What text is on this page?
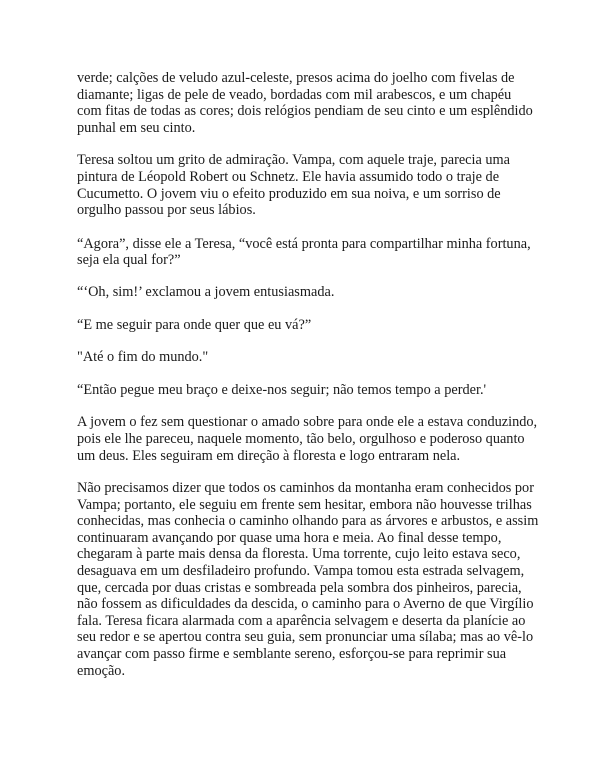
verde; calções de veludo azul-celeste, presos acima do joelho com fivelas de diamante; ligas de pele de veado, bordadas com mil arabescos, e um chapéu com fitas de todas as cores; dois relógios pendiam de seu cinto e um esplêndido punhal em seu cinto.

Teresa soltou um grito de admiração. Vampa, com aquele traje, parecia uma pintura de Léopold Robert ou Schnetz. Ele havia assumido todo o traje de Cucumetto. O jovem viu o efeito produzido em sua noiva, e um sorriso de orgulho passou por seus lábios.

“Agora”, disse ele a Teresa, “você está pronta para compartilhar minha fortuna, seja ela qual for?”

“‘Oh, sim!’ exclamou a jovem entusiasmada.

“E me seguir para onde quer que eu vá?”

"Até o fim do mundo."

“Então pegue meu braço e deixe-nos seguir; não temos tempo a perder.'

A jovem o fez sem questionar o amado sobre para onde ele a estava conduzindo, pois ele lhe pareceu, naquele momento, tão belo, orgulhoso e poderoso quanto um deus. Eles seguiram em direção à floresta e logo entraram nela.

Não precisamos dizer que todos os caminhos da montanha eram conhecidos por Vampa; portanto, ele seguiu em frente sem hesitar, embora não houvesse trilhas conhecidas, mas conhecia o caminho olhando para as árvores e arbustos, e assim continuaram avançando por quase uma hora e meia. Ao final desse tempo, chegaram à parte mais densa da floresta. Uma torrente, cujo leito estava seco, desaguava em um desfiladeiro profundo. Vampa tomou esta estrada selvagem, que, cercada por duas cristas e sombreada pela sombra dos pinheiros, parecia, não fossem as dificuldades da descida, o caminho para o Averno de que Virgílio fala. Teresa ficara alarmada com a aparência selvagem e deserta da planície ao seu redor e se apertou contra seu guia, sem pronunciar uma sílaba; mas ao vê-lo avançar com passo firme e semblante sereno, esforçou-se para reprimir sua emoção.
